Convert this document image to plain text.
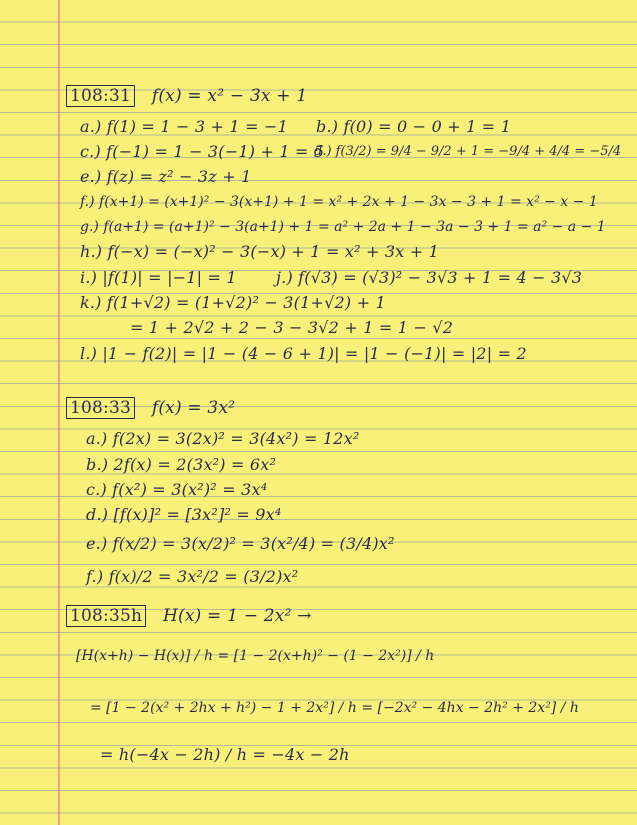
108:31 f(x) = x² − 3x + 1
a.) f(1) = 1 − 3 + 1 = −1 b.) f(0) = 0 − 0 + 1 = 1
c.) f(−1) = 1 − 3(−1) + 1 = 5
d.) f(3/2) = 9/4 − 9/2 + 1 = −9/4 + 4/4 = −5/4
e.) f(z) = z² − 3z + 1
f.) f(x+1) = (x+1)² − 3(x+1) + 1 = x² + 2x + 1 − 3x − 3 + 1 = x² − x − 1
g.) f(a+1) = (a+1)² − 3(a+1) + 1 = a² + 2a + 1 − 3a − 3 + 1 = a² − a − 1
h.) f(−x) = (−x)² − 3(−x) + 1 = x² + 3x + 1
i.) |f(1)| = |−1| = 1 j.) f(√3) = (√3)² − 3√3 + 1 = 4 − 3√3
k.) f(1+√2) = (1+√2)² − 3(1+√2) + 1
= 1 + 2√2 + 2 − 3 − 3√2 + 1 = 1 − √2
l.) |1 − f(2)| = |1 − (4 − 6 + 1)| = |1 − (−1)| = |2| = 2
108:33 f(x) = 3x²
a.) f(2x) = 3(2x)² = 3(4x²) = 12x²
b.) 2f(x) = 2(3x²) = 6x²
c.) f(x²) = 3(x²)² = 3x⁴
d.) [f(x)]² = [3x²]² = 9x⁴
e.) f(x/2) = 3(x/2)² = 3(x²/4) = (3/4)x²
f.) f(x)/2 = 3x²/2 = (3/2)x²
108:35h H(x) = 1 − 2x² →
[H(x+h) − H(x)] / h = [1 − 2(x+h)² − (1 − 2x²)] / h
= [1 − 2(x² + 2hx + h²) − 1 + 2x²] / h = [−2x² − 4hx − 2h² + 2x²] / h
= h(−4x − 2h) / h = −4x − 2h
